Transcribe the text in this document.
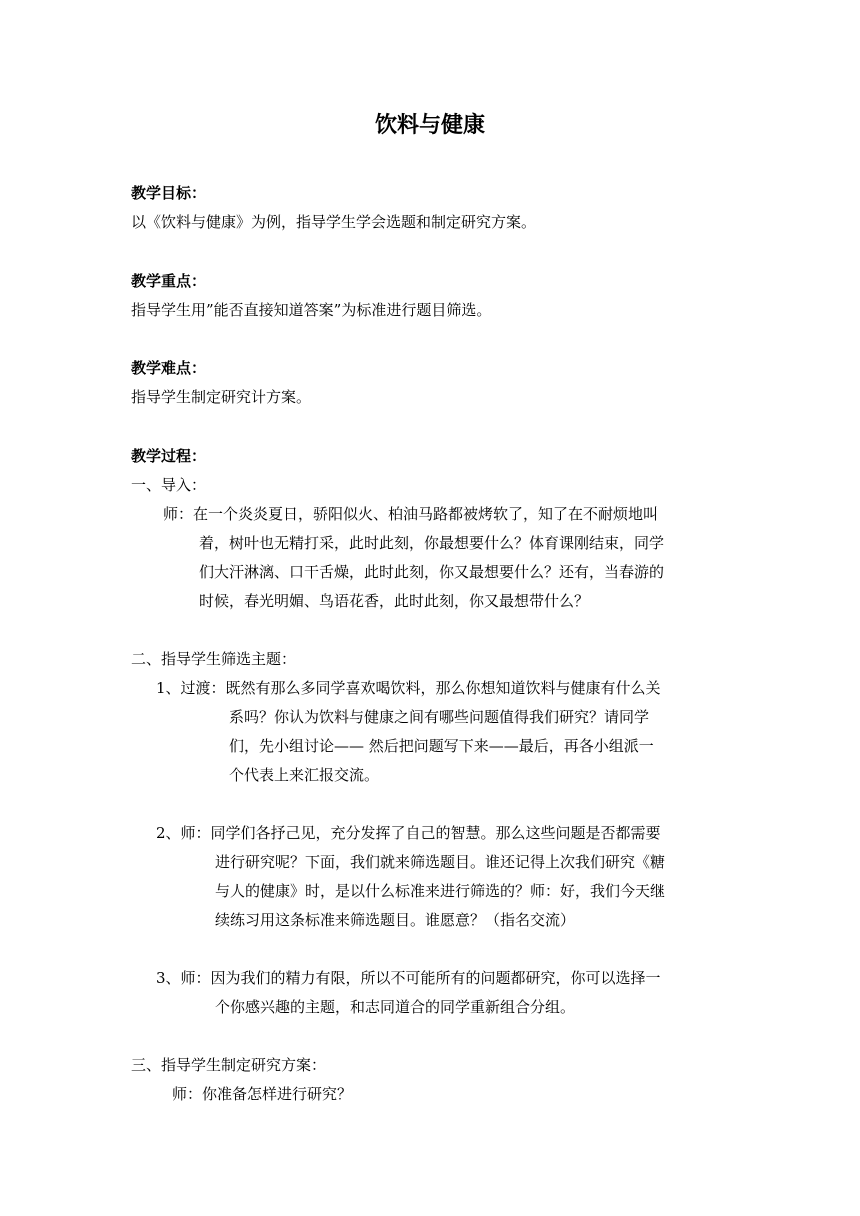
饮料与健康
教学目标：
以《饮料与健康》为例，指导学生学会选题和制定研究方案。
教学重点：
指导学生用”能否直接知道答案”为标准进行题目筛选。
教学难点：
指导学生制定研究计方案。
教学过程：
一、导入：
师：在一个炎炎夏日，骄阳似火、柏油马路都被烤软了，知了在不耐烦地叫
着，树叶也无精打采，此时此刻，你最想要什么？体育课刚结束，同学
们大汗淋漓、口干舌燥，此时此刻，你又最想要什么？还有，当春游的
时候，春光明媚、鸟语花香，此时此刻，你又最想带什么？
二、指导学生筛选主题：
1、过渡：既然有那么多同学喜欢喝饮料，那么你想知道饮料与健康有什么关
系吗？你认为饮料与健康之间有哪些问题值得我们研究？请同学
们，先小组讨论—— 然后把问题写下来——最后，再各小组派一
个代表上来汇报交流。
2、师：同学们各抒己见，充分发挥了自己的智慧。那么这些问题是否都需要
进行研究呢？下面，我们就来筛选题目。谁还记得上次我们研究《糖
与人的健康》时，是以什么标准来进行筛选的？师：好，我们今天继
续练习用这条标准来筛选题目。谁愿意？（指名交流）
3、师：因为我们的精力有限，所以不可能所有的问题都研究，你可以选择一
个你感兴趣的主题，和志同道合的同学重新组合分组。
三、指导学生制定研究方案：
师：你准备怎样进行研究？
